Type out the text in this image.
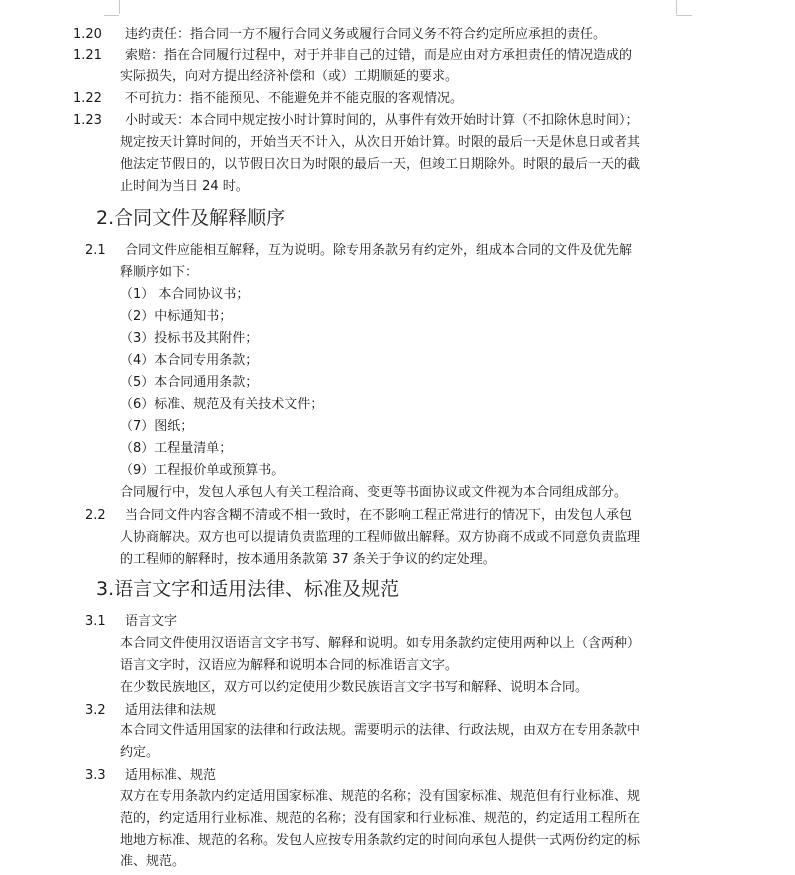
1.20 违约责任：指合同一方不履行合同义务或履行合同义务不符合约定所应承担的责任。
1.21 索赔：指在合同履行过程中，对于并非自己的过错，而是应由对方承担责任的情况造成的
实际损失，向对方提出经济补偿和（或）工期顺延的要求。
1.22 不可抗力：指不能预见、不能避免并不能克服的客观情况。
1.23 小时或天：本合同中规定按小时计算时间的，从事件有效开始时计算（不扣除休息时间）；
规定按天计算时间的，开始当天不计入，从次日开始计算。时限的最后一天是休息日或者其
他法定节假日的，以节假日次日为时限的最后一天，但竣工日期除外。时限的最后一天的截
止时间为当日 24 时。
2.合同文件及解释顺序
2.1 合同文件应能相互解释，互为说明。除专用条款另有约定外，组成本合同的文件及优先解
释顺序如下：
（1） 本合同协议书；
（2）中标通知书；
（3）投标书及其附件；
（4）本合同专用条款；
（5）本合同通用条款；
（6）标准、规范及有关技术文件；
（7）图纸；
（8）工程量清单；
（9）工程报价单或预算书。
合同履行中，发包人承包人有关工程洽商、变更等书面协议或文件视为本合同组成部分。
2.2 当合同文件内容含糊不清或不相一致时，在不影响工程正常进行的情况下，由发包人承包
人协商解决。双方也可以提请负责监理的工程师做出解释。双方协商不成或不同意负责监理
的工程师的解释时，按本通用条款第 37 条关于争议的约定处理。
3.语言文字和适用法律、标准及规范
3.1 语言文字
本合同文件使用汉语语言文字书写、解释和说明。如专用条款约定使用两种以上（含两种）
语言文字时，汉语应为解释和说明本合同的标准语言文字。
在少数民族地区，双方可以约定使用少数民族语言文字书写和解释、说明本合同。
3.2 适用法律和法规
本合同文件适用国家的法律和行政法规。需要明示的法律、行政法规，由双方在专用条款中
约定。
3.3 适用标准、规范
双方在专用条款内约定适用国家标准、规范的名称；没有国家标准、规范但有行业标准、规
范的，约定适用行业标准、规范的名称；没有国家和行业标准、规范的，约定适用工程所在
地地方标准、规范的名称。发包人应按专用条款约定的时间向承包人提供一式两份约定的标
准、规范。
